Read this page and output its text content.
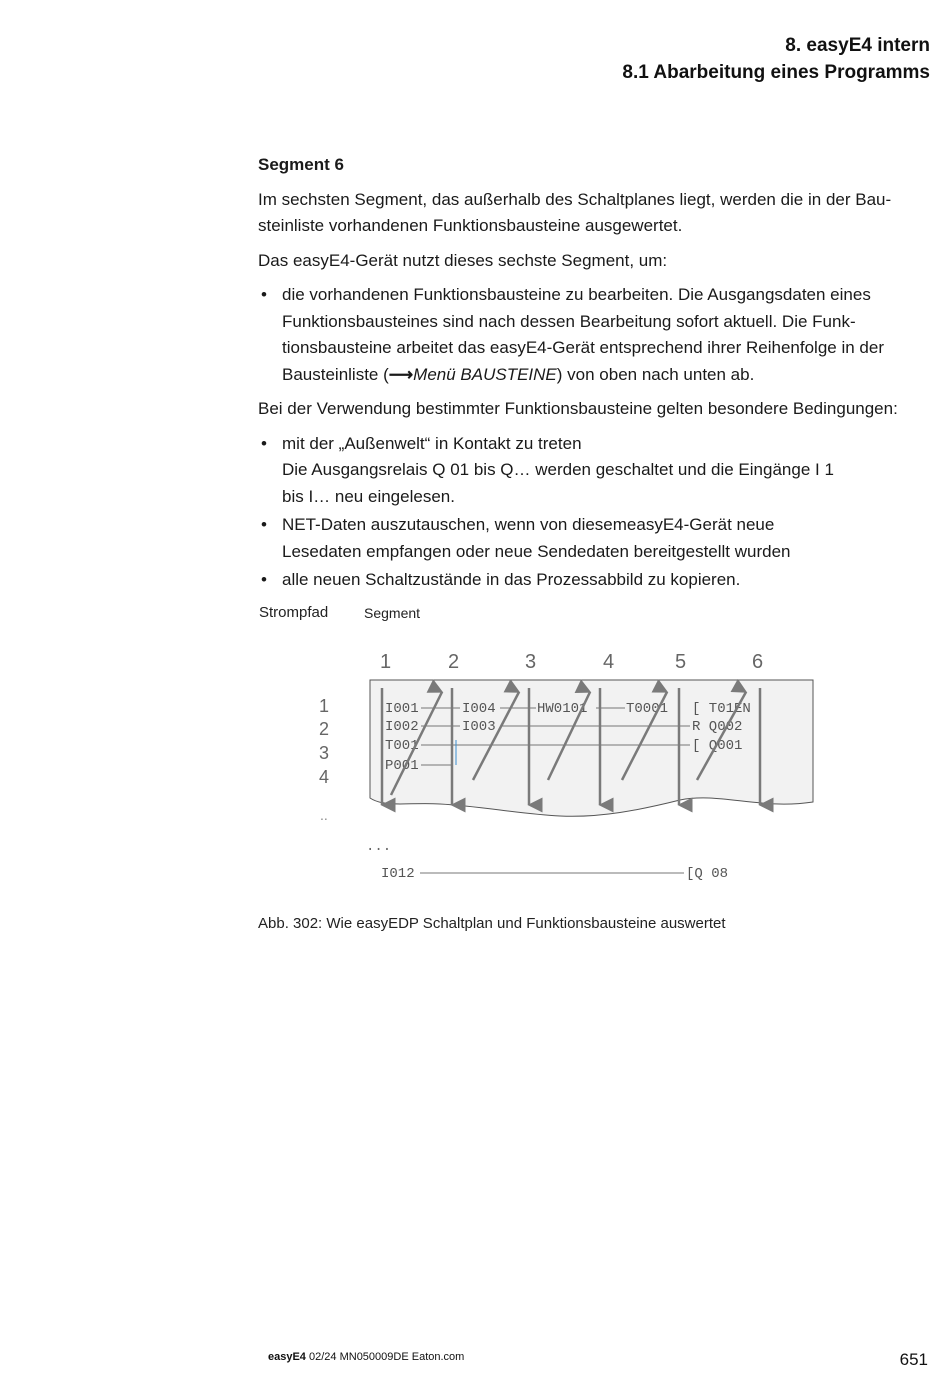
8. easyE4 intern
8.1 Abarbeitung eines Programms
Segment 6

Im sechsten Segment, das außerhalb des Schaltplanes liegt, werden die in der Bau-
steinliste vorhandenen Funktionsbausteine ausgewertet.

Das easyE4-Gerät nutzt dieses sechste Segment, um:

• die vorhandenen Funktionsbausteine zu bearbeiten. Die Ausgangsdaten eines
Funktionsbausteines sind nach dessen Bearbeitung sofort aktuell. Die Funk-
tionsbausteine arbeitet das easyE4-Gerät entsprechend ihrer Reihenfolge in der
Bausteinliste (⟶Menü BAUSTEINE) von oben nach unten ab.

Bei der Verwendung bestimmter Funktionsbausteine gelten besondere Bedingungen:

• mit der „Außenwelt“ in Kontakt zu treten
Die Ausgangsrelais Q 01 bis Q… werden geschaltet und die Eingänge I 1
bis I… neu eingelesen.
• NET-Daten auszutauschen, wenn von diesemeasyE4-Gerät neue
Lesedaten empfangen oder neue Sendedaten bereitgestellt wurden
• alle neuen Schaltzustände in das Prozessabbild zu kopieren.
Strompfad	Segment
1	2	3	4	5	6
1
2
3
4
..
I001	I004	HW0101	T0001 [ T01EN
I002	I003	R Q002
T001	[ Q001
P001
...
I012	[Q 08
Abb. 302: Wie easyEDP Schaltplan und Funktionsbausteine auswertet
easyE4 02/24 MN050009DE Eaton.com	651
